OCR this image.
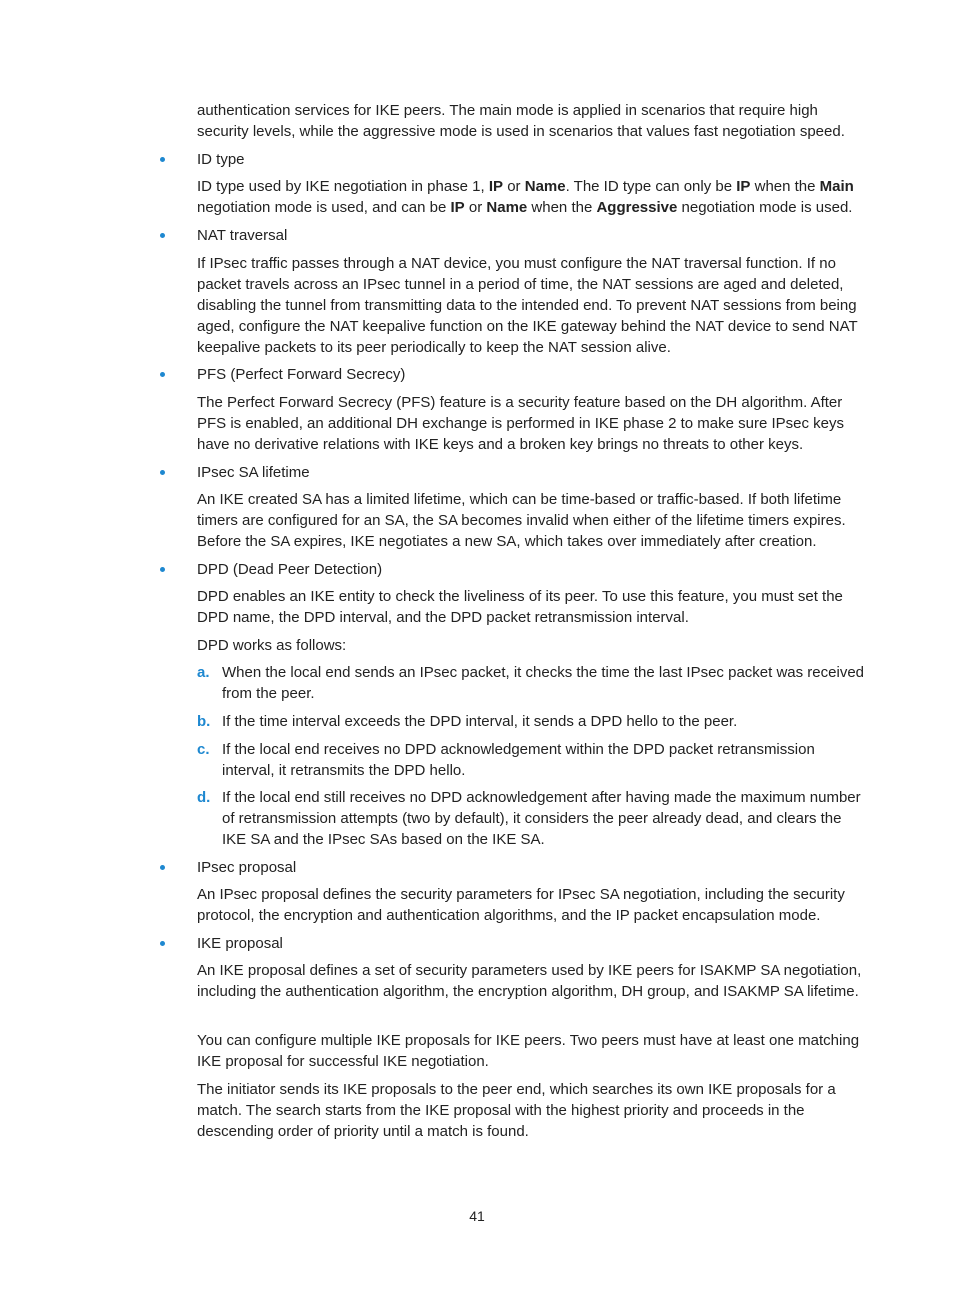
authentication services for IKE peers. The main mode is applied in scenarios that require high security levels, while the aggressive mode is used in scenarios that values fast negotiation speed.

ID type

ID type used by IKE negotiation in phase 1, IP or Name. The ID type can only be IP when the Main negotiation mode is used, and can be IP or Name when the Aggressive negotiation mode is used.

NAT traversal

If IPsec traffic passes through a NAT device, you must configure the NAT traversal function. If no packet travels across an IPsec tunnel in a period of time, the NAT sessions are aged and deleted, disabling the tunnel from transmitting data to the intended end. To prevent NAT sessions from being aged, configure the NAT keepalive function on the IKE gateway behind the NAT device to send NAT keepalive packets to its peer periodically to keep the NAT session alive.

PFS (Perfect Forward Secrecy)

The Perfect Forward Secrecy (PFS) feature is a security feature based on the DH algorithm. After PFS is enabled, an additional DH exchange is performed in IKE phase 2 to make sure IPsec keys have no derivative relations with IKE keys and a broken key brings no threats to other keys.

IPsec SA lifetime

An IKE created SA has a limited lifetime, which can be time-based or traffic-based. If both lifetime timers are configured for an SA, the SA becomes invalid when either of the lifetime timers expires. Before the SA expires, IKE negotiates a new SA, which takes over immediately after creation.

DPD (Dead Peer Detection)

DPD enables an IKE entity to check the liveliness of its peer. To use this feature, you must set the DPD name, the DPD interval, and the DPD packet retransmission interval.

DPD works as follows:

a. When the local end sends an IPsec packet, it checks the time the last IPsec packet was received from the peer.
b. If the time interval exceeds the DPD interval, it sends a DPD hello to the peer.
c. If the local end receives no DPD acknowledgement within the DPD packet retransmission interval, it retransmits the DPD hello.
d. If the local end still receives no DPD acknowledgement after having made the maximum number of retransmission attempts (two by default), it considers the peer already dead, and clears the IKE SA and the IPsec SAs based on the IKE SA.
IPsec proposal

An IPsec proposal defines the security parameters for IPsec SA negotiation, including the security protocol, the encryption and authentication algorithms, and the IP packet encapsulation mode.

IKE proposal

An IKE proposal defines a set of security parameters used by IKE peers for ISAKMP SA negotiation, including the authentication algorithm, the encryption algorithm, DH group, and ISAKMP SA lifetime.

You can configure multiple IKE proposals for IKE peers. Two peers must have at least one matching IKE proposal for successful IKE negotiation.

The initiator sends its IKE proposals to the peer end, which searches its own IKE proposals for a match. The search starts from the IKE proposal with the highest priority and proceeds in the descending order of priority until a match is found.

41
